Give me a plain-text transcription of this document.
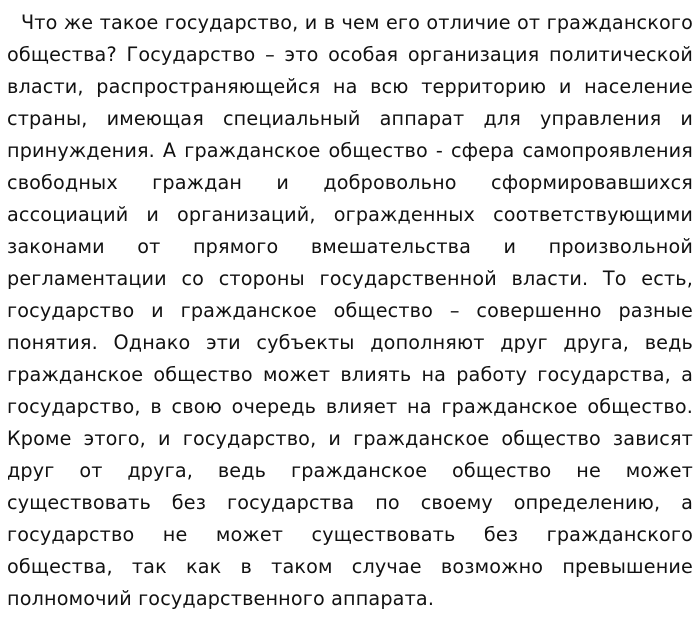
Что же такое государство, и в чем его отличие от гражданского общества? Государство – это особая организация политической власти, распространяющейся на всю территорию и население страны, имеющая специальный аппарат для управления и принуждения. А гражданское общество - сфера самопроявления свободных граждан и добровольно сформировавшихся ассоциаций и организаций, огражденных соответствующими законами от прямого вмешательства и произвольной регламентации со стороны государственной власти. То есть, государство и гражданское общество – совершенно разные понятия. Однако эти субъекты дополняют друг друга, ведь гражданское общество может влиять на работу государства, а государство, в свою очередь влияет на гражданское общество. Кроме этого, и государство, и гражданское общество зависят друг от друга, ведь гражданское общество не может существовать без государства по своему определению, а государство не может существовать без гражданского общества, так как в таком случае возможно превышение полномочий государственного аппарата.
